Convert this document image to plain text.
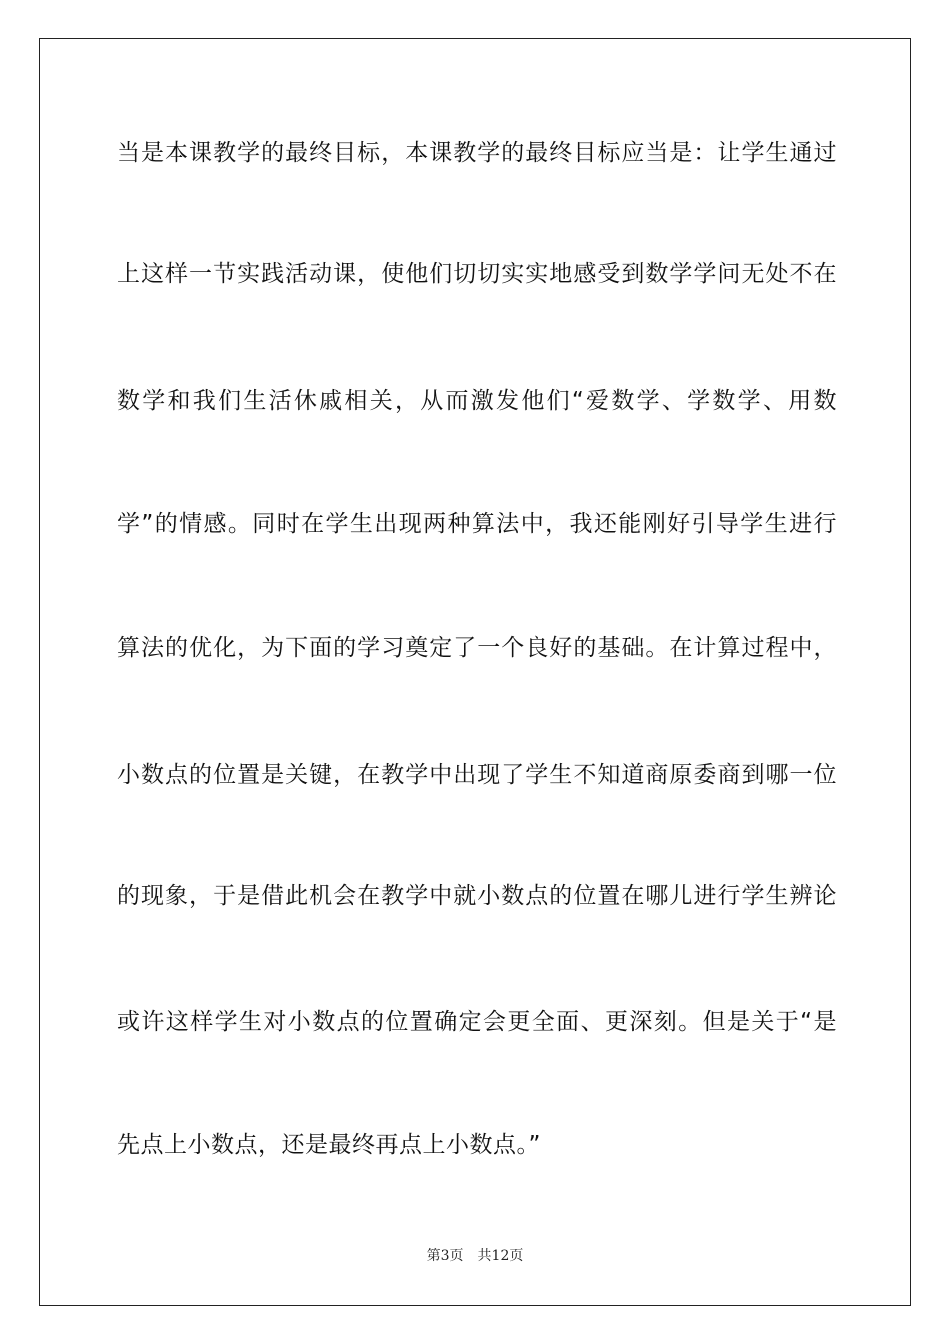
当是本课教学的最终目标，本课教学的最终目标应当是：让学生通过
上这样一节实践活动课，使他们切切实实地感受到数学学问无处不在
数学和我们生活休戚相关，从而激发他们“爱数学、学数学、用数
学”的情感。同时在学生出现两种算法中，我还能刚好引导学生进行
算法的优化，为下面的学习奠定了一个良好的基础。在计算过程中，
小数点的位置是关键，在教学中出现了学生不知道商原委商到哪一位
的现象，于是借此机会在教学中就小数点的位置在哪儿进行学生辨论
或许这样学生对小数点的位置确定会更全面、更深刻。但是关于“是
先点上小数点，还是最终再点上小数点。”
第3页 共12页
